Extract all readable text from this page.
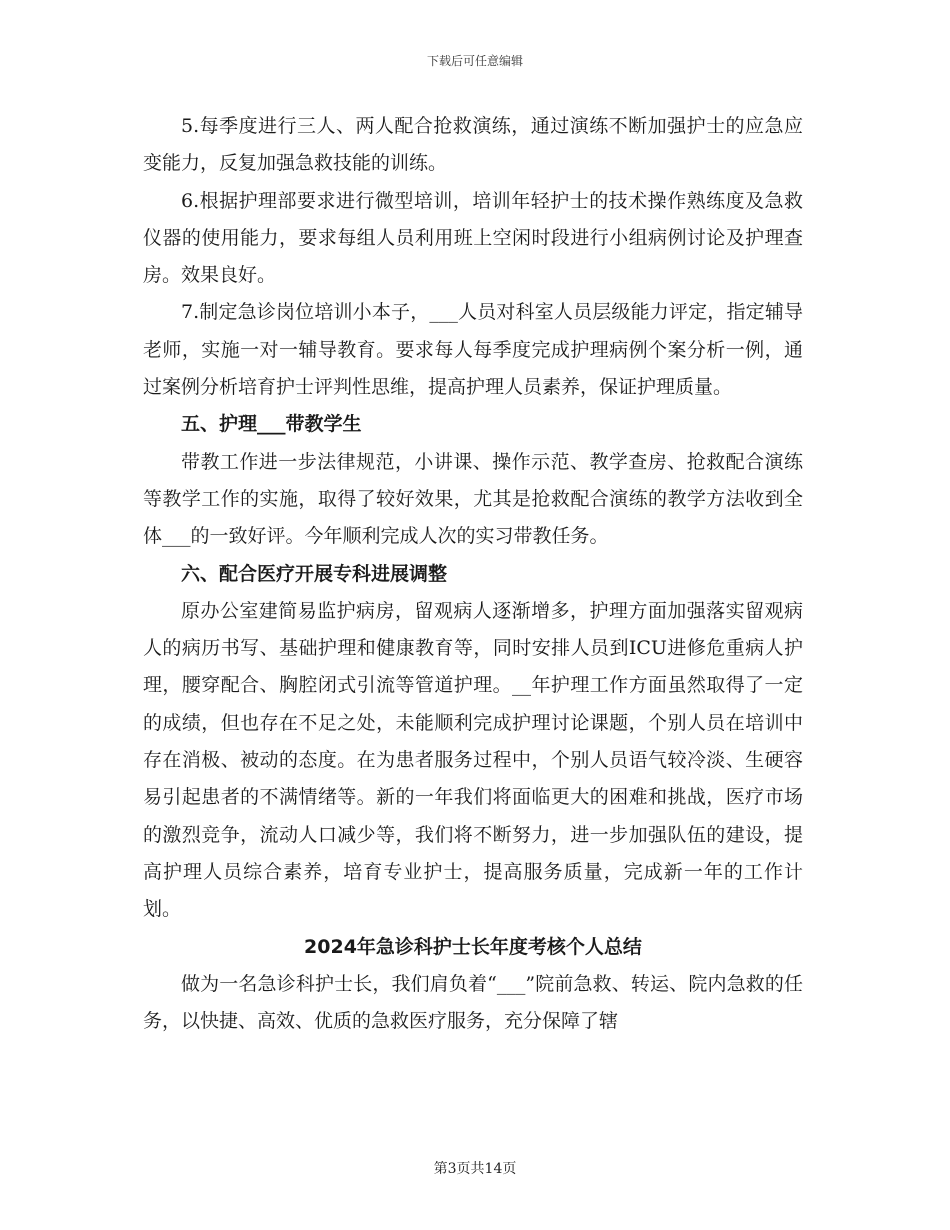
下载后可任意编辑

5.每季度进行三人、两人配合抢救演练，通过演练不断加强护士的应急应变能力，反复加强急救技能的训练。

6.根据护理部要求进行微型培训，培训年轻护士的技术操作熟练度及急救仪器的使用能力，要求每组人员利用班上空闲时段进行小组病例讨论及护理查房。效果良好。

7.制定急诊岗位培训小本子，___人员对科室人员层级能力评定，指定辅导老师，实施一对一辅导教育。要求每人每季度完成护理病例个案分析一例，通过案例分析培育护士评判性思维，提高护理人员素养，保证护理质量。

五、护理___带教学生

带教工作进一步法律规范，小讲课、操作示范、教学查房、抢救配合演练等教学工作的实施，取得了较好效果，尤其是抢救配合演练的教学方法收到全体___的一致好评。今年顺利完成人次的实习带教任务。

六、配合医疗开展专科进展调整

原办公室建简易监护病房，留观病人逐渐增多，护理方面加强落实留观病人的病历书写、基础护理和健康教育等，同时安排人员到ICU进修危重病人护理，腰穿配合、胸腔闭式引流等管道护理。__年护理工作方面虽然取得了一定的成绩，但也存在不足之处，未能顺利完成护理讨论课题，个别人员在培训中存在消极、被动的态度。在为患者服务过程中，个别人员语气较冷淡、生硬容易引起患者的不满情绪等。新的一年我们将面临更大的困难和挑战，医疗市场的激烈竞争，流动人口减少等，我们将不断努力，进一步加强队伍的建设，提高护理人员综合素养，培育专业护士，提高服务质量，完成新一年的工作计划。

2024年急诊科护士长年度考核个人总结

做为一名急诊科护士长，我们肩负着“___”院前急救、转运、院内急救的任务，以快捷、高效、优质的急救医疗服务，充分保障了辖

第3页共14页
